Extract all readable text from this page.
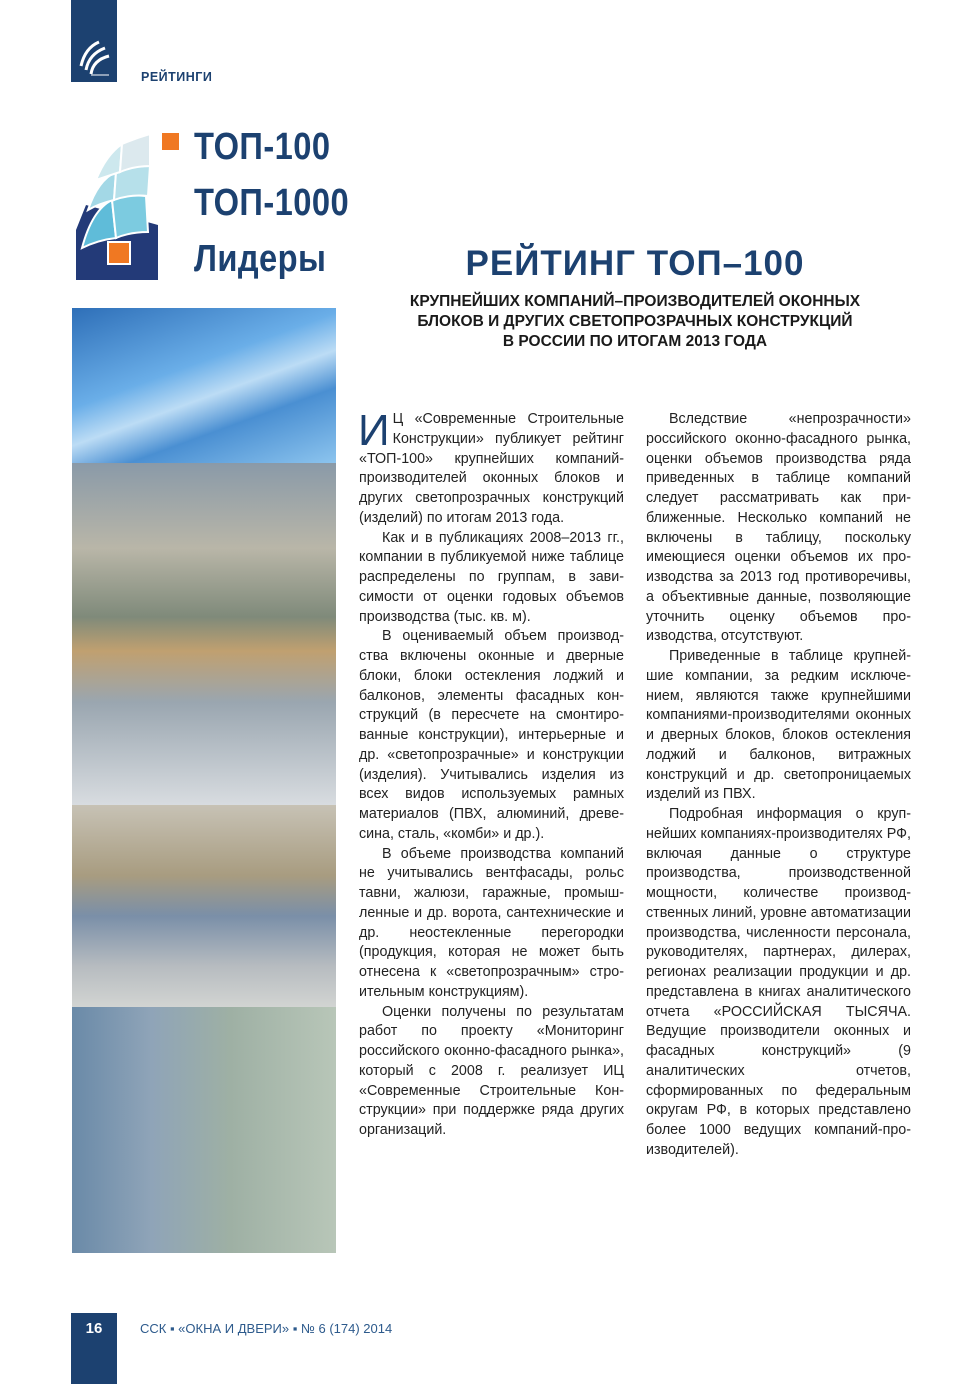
РЕЙТИНГИ
ТОП-100
ТОП-1000
Лидеры	РЕЙТИНГ ТОП–100
КРУПНЕЙШИХ КОМПАНИЙ–ПРОИЗВОДИТЕЛЕЙ ОКОННЫХ
БЛОКОВ И ДРУГИХ СВЕТОПРОЗРАЧНЫХ КОНСТРУКЦИЙ
В РОССИИ ПО ИТОГАМ 2013 ГОДА

И Ц «Современные Строительные Конструкции» публикует рейтинг «ТОП-100» крупнейших компаний-производителей оконных блоков и других светопрозрачных конструкций (изделий) по итогам 2013 года.

Как и в публикациях 2008–2013 гг., компании в публикуемой ниже таблице распределены по группам, в зависимости от оценки годовых объемов производства (тыс. кв. м).

В оцениваемый объем производства включены оконные и дверные блоки, блоки остекления лоджий и балконов, элементы фасадных конструкций (в пересчете на смонтированные конструкции), интерьерные и др. «светопрозрачные» и конструкции (изделия). Учитывались изделия из всех видов используемых рамных материалов (ПВХ, алюминий, древесина, сталь, «комби» и др.).

В объеме производства компаний не учитывались вентфасады, рольс тавни, жалюзи, гаражные, промышленные и др. ворота, сантехнические и др. неостекленные перегородки (продукция, которая не может быть отнесена к «светопрозрачным» строительным конструкциям).

Оценки получены по результатам работ по проекту «Мониторинг российского оконно-фасадного рынка», который с 2008 г. реализует ИЦ «Современные Строительные Конструкции» при поддержке ряда других организаций.

Вследствие «непрозрачности» российского оконно-фасадного рынка, оценки объемов производства ряда приведенных в таблице компаний следует рассматривать как приближенные. Несколько компаний не включены в таблицу, поскольку имеющиеся оценки объемов их производства за 2013 год противоречивы, а объективные данные, позволяющие уточнить оценку объемов производства, отсутствуют.

Приведенные в таблице крупнейшие компании, за редким исключением, являются также крупнейшими компаниями-производителями оконных и дверных блоков, блоков остекления лоджий и балконов, витражных конструкций и др. светопроницаемых изделий из ПВХ.

Подробная информация о крупнейших компаниях-производителях РФ, включая данные о структуре производства, производственной мощности, количестве производственных линий, уровне автоматизации производства, численности персонала, руководителях, партнерах, дилерах, регионах реализации продукции и др. представлена в книгах аналитического отчета «РОССИЙСКАЯ ТЫСЯЧА. Ведущие производители оконных и фасадных конструкций» (9 аналитических отчетов, сформированных по федеральным округам РФ, в которых представлено более 1000 ведущих компаний-производителей).

16	ССК ▪ «ОКНА И ДВЕРИ» ▪ № 6 (174) 2014
